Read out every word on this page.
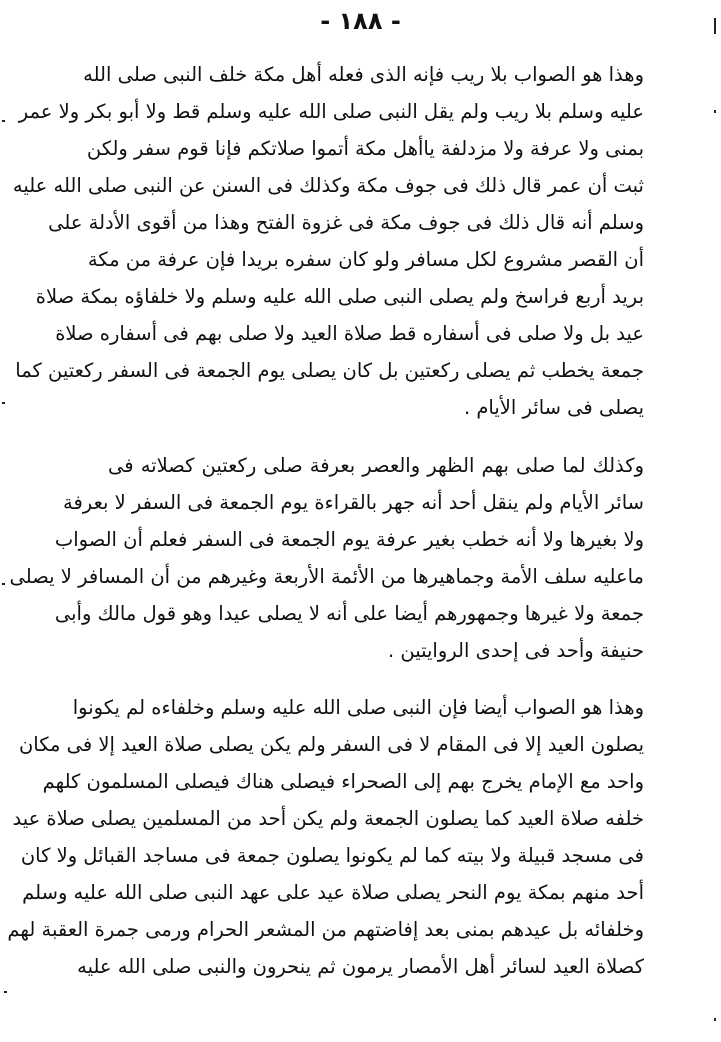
- ١٨٨ -
وهذا هو الصواب بلا ريب فإنه الذى فعله أهل مكة خلف النبى صلى الله
عليه وسلم بلا ريب ولم يقل النبى صلى الله عليه وسلم قط ولا أبو بكر ولا عمر
بمنى ولا عرفة ولا مزدلفة ياأهل مكة أتموا صلاتكم فإنا قوم سفر ولكن
ثبت أن عمر قال ذلك فى جوف مكة وكذلك فى السنن عن النبى صلى الله عليه
وسلم أنه قال ذلك فى جوف مكة فى غزوة الفتح وهذا من أقوى الأدلة على
أن القصر مشروع لكل مسافر ولو كان سفره بريدا فإن عرفة من مكة
بريد أربع فراسخ ولم يصلى النبى صلى الله عليه وسلم ولا خلفاؤه بمكة صلاة
عيد بل ولا صلى فى أسفاره قط صلاة العيد ولا صلى بهم فى أسفاره صلاة
جمعة يخطب ثم يصلى ركعتين بل كان يصلى يوم الجمعة فى السفر ركعتين كما
يصلى فى سائر الأيام .
وكذلك لما صلى بهم الظهر والعصر بعرفة صلى ركعتين كصلاته فى
سائر الأيام ولم ينقل أحد أنه جهر بالقراءة يوم الجمعة فى السفر لا بعرفة
ولا بغيرها ولا أنه خطب بغير عرفة يوم الجمعة فى السفر فعلم أن الصواب
ماعليه سلف الأمة وجماهيرها من الأئمة الأربعة وغيرهم من أن المسافر لا يصلى
جمعة ولا غيرها وجمهورهم أيضا على أنه لا يصلى عيدا وهو قول مالك وأبى
حنيفة وأحد فى إحدى الروايتين .
وهذا هو الصواب أيضا فإن النبى صلى الله عليه وسلم وخلفاءه لم يكونوا
يصلون العيد إلا فى المقام لا فى السفر ولم يكن يصلى صلاة العيد إلا فى مكان
واحد مع الإمام يخرج بهم إلى الصحراء فيصلى هناك فيصلى المسلمون كلهم
خلفه صلاة العيد كما يصلون الجمعة ولم يكن أحد من المسلمين يصلى صلاة عيد
فى مسجد قبيلة ولا بيته كما لم يكونوا يصلون جمعة فى مساجد القبائل ولا كان
أحد منهم بمكة يوم النحر يصلى صلاة عيد على عهد النبى صلى الله عليه وسلم
وخلفائه بل عيدهم بمنى بعد إفاضتهم من المشعر الحرام ورمى جمرة العقبة لهم
كصلاة العيد لسائر أهل الأمصار يرمون ثم ينحرون والنبى صلى الله عليه
